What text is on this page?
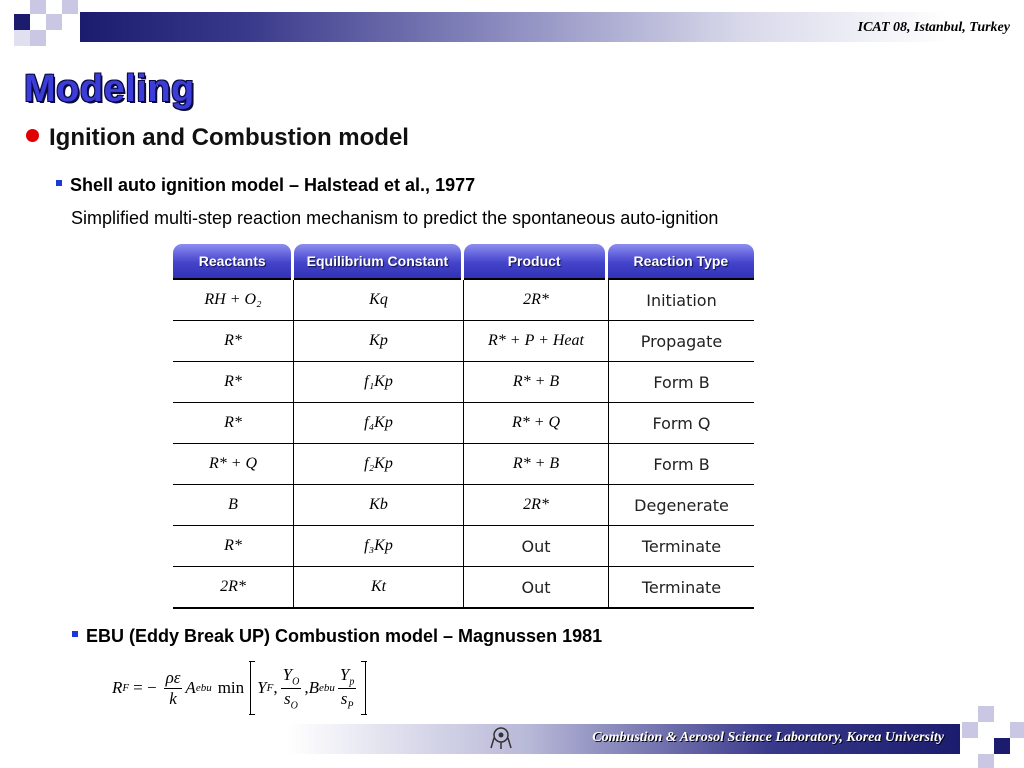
ICAT 08, Istanbul, Turkey
Modeling
Ignition and Combustion model
Shell auto ignition model – Halstead et al., 1977
Simplified multi-step reaction mechanism to predict the spontaneous auto-ignition
Reactants	Equilibrium Constant	Product	Reaction Type
RH + O₂	Kq	2R*	Initiation
R*	Kp	R* + P + Heat	Propagate
R*	f₁Kp	R* + B	Form B
R*	f₄Kp	R* + Q	Form Q
R* + Q	f₂Kp	R* + B	Form B
B	Kb	2R*	Degenerate
R*	f₃Kp	Out	Terminate
2R*	Kt	Out	Terminate
EBU (Eddy Break UP) Combustion model – Magnussen 1981
R F = − $\frac{\rho\varepsilon}{k}$ A ebu min Y F , $\frac{Y_O}{s_O}$ , B ebu $\frac{Y_p}{s_P}$
Combustion & Aerosol Science Laboratory, Korea University
